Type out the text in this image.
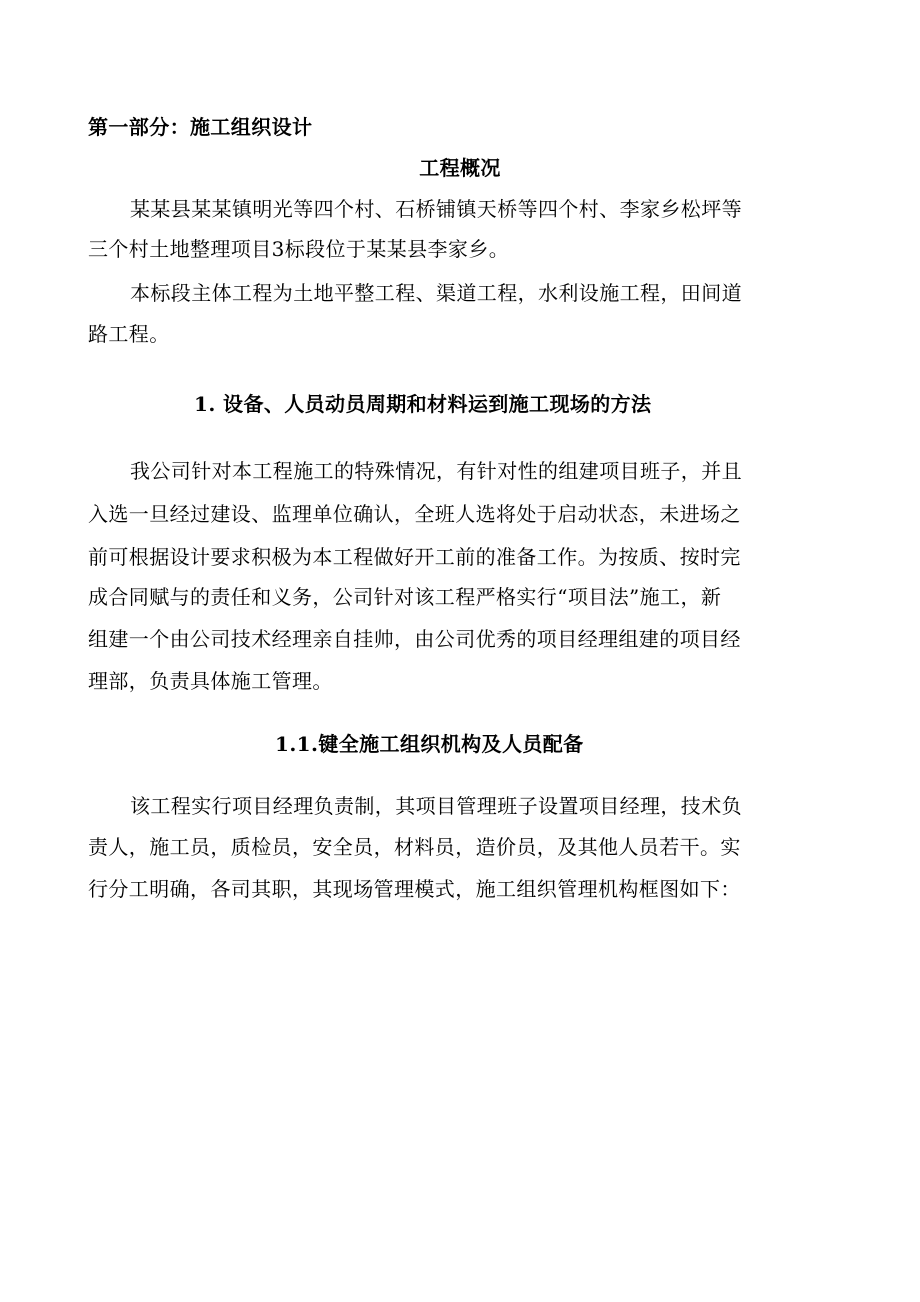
第一部分：施工组织设计
工程概况
某某县某某镇明光等四个村、石桥铺镇天桥等四个村、李家乡松坪等
三个村土地整理项目3标段位于某某县李家乡。
本标段主体工程为土地平整工程、渠道工程，水利设施工程，田间道
路工程。
1. 设备、人员动员周期和材料运到施工现场的方法
我公司针对本工程施工的特殊情况，有针对性的组建项目班子，并且
入选一旦经过建设、监理单位确认，全班人选将处于启动状态，未进场之
前可根据设计要求积极为本工程做好开工前的准备工作。为按质、按时完
成合同赋与的责任和义务，公司针对该工程严格实行“项目法”施工，新
组建一个由公司技术经理亲自挂帅，由公司优秀的项目经理组建的项目经
理部，负责具体施工管理。
1.1.键全施工组织机构及人员配备
该工程实行项目经理负责制，其项目管理班子设置项目经理，技术负
责人，施工员，质检员，安全员，材料员，造价员，及其他人员若干。实
行分工明确，各司其职，其现场管理模式，施工组织管理机构框图如下：
